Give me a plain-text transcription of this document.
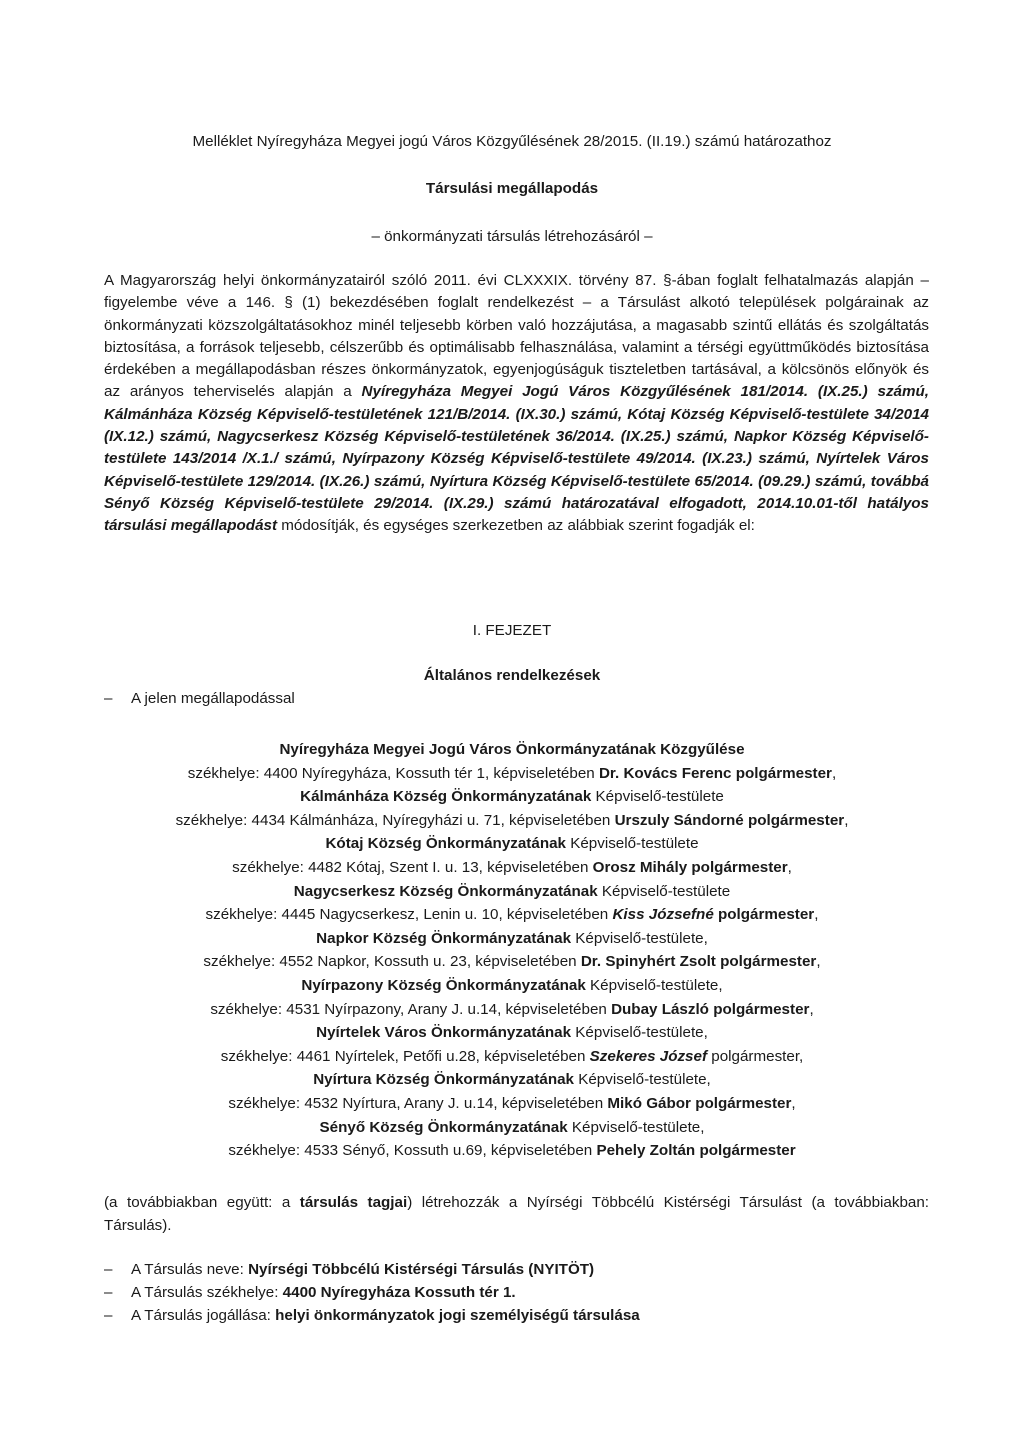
Melléklet Nyíregyháza Megyei jogú Város Közgyűlésének 28/2015. (II.19.) számú határozathoz
Társulási megállapodás
– önkormányzati társulás létrehozásáról –

A Magyarország helyi önkormányzatairól szóló 2011. évi CLXXXIX. törvény 87. §-ában foglalt felhatalmazás alapján – figyelembe véve a 146. § (1) bekezdésében foglalt rendelkezést – a Társulást alkotó települések polgárainak az önkormányzati közszolgáltatásokhoz minél teljesebb körben való hozzájutása, a magasabb szintű ellátás és szolgáltatás biztosítása, a források teljesebb, célszerűbb és optimálisabb felhasználása, valamint a térségi együttműködés biztosítása érdekében a megállapodásban részes önkormányzatok, egyenjogúságuk tiszteletben tartásával, a kölcsönös előnyök és az arányos teherviselés alapján a Nyíregyháza Megyei Jogú Város Közgyűlésének 181/2014. (IX.25.) számú, Kálmánháza Község Képviselő-testületének 121/B/2014. (IX.30.) számú, Kótaj Község Képviselő-testülete 34/2014 (IX.12.) számú, Nagycserkesz Község Képviselő-testületének 36/2014. (IX.25.) számú, Napkor Község Képviselő-testülete 143/2014 /X.1./ számú, Nyírpazony Község Képviselő-testülete 49/2014. (IX.23.) számú, Nyírtelek Város Képviselő-testülete 129/2014. (IX.26.) számú, Nyírtura Község Képviselő-testülete 65/2014. (09.29.) számú, továbbá Sényő Község Képviselő-testülete 29/2014. (IX.29.) számú határozatával elfogadott, 2014.10.01-től hatályos társulási megállapodást módosítják, és egységes szerkezetben az alábbiak szerint fogadják el:

I. FEJEZET
– A jelen megállapodással
Általános rendelkezések
Nyíregyháza Megyei Jogú Város Önkormányzatának Közgyűlése
székhelye: 4400 Nyíregyháza, Kossuth tér 1, képviseletében Dr. Kovács Ferenc polgármester,
Kálmánháza Község Önkormányzatának Képviselő-testülete
székhelye: 4434 Kálmánháza, Nyíregyházi u. 71, képviseletében Urszuly Sándorné polgármester,
Kótaj Község Önkormányzatának Képviselő-testülete
székhelye: 4482 Kótaj, Szent I. u. 13, képviseletében Orosz Mihály polgármester,
Nagycserkesz Község Önkormányzatának Képviselő-testülete
székhelye: 4445 Nagycserkesz, Lenin u. 10, képviseletében Kiss Józsefné polgármester,
Napkor Község Önkormányzatának Képviselő-testülete,
székhelye: 4552 Napkor, Kossuth u. 23, képviseletében Dr. Spinyhért Zsolt polgármester,
Nyírpazony Község Önkormányzatának Képviselő-testülete,
székhelye: 4531 Nyírpazony, Arany J. u.14, képviseletében Dubay László polgármester,
Nyírtelek Város Önkormányzatának Képviselő-testülete,
székhelye: 4461 Nyírtelek, Petőfi u.28, képviseletében Szekeres József polgármester,
Nyírtura Község Önkormányzatának Képviselő-testülete,
székhelye: 4532 Nyírtura, Arany J. u.14, képviseletében Mikó Gábor polgármester,
Sényő Község Önkormányzatának Képviselő-testülete,
székhelye: 4533 Sényő, Kossuth u.69, képviseletében Pehely Zoltán polgármester

(a továbbiakban együtt: a társulás tagjai) létrehozzák a Nyírségi Többcélú Kistérségi Társulást (a továbbiakban: Társulás).

– A Társulás neve: Nyírségi Többcélú Kistérségi Társulás (NYITÖT)
– A Társulás székhelye: 4400 Nyíregyháza Kossuth tér 1.
– A Társulás jogállása: helyi önkormányzatok jogi személyiségű társulása
